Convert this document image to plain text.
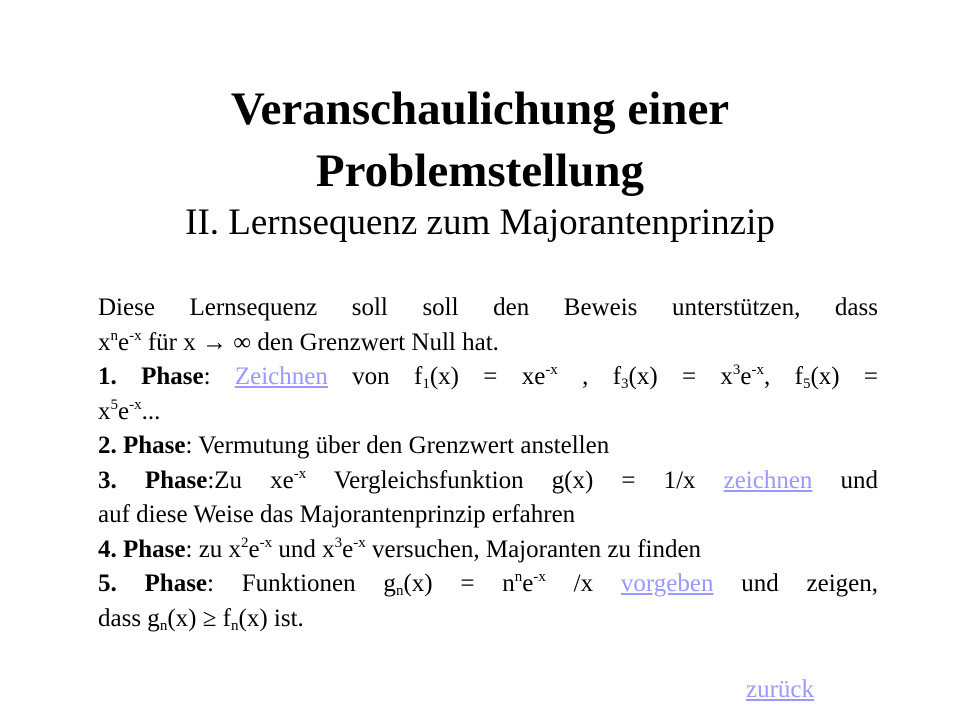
Veranschaulichung einer
Problemstellung
II. Lernsequenz zum Majorantenprinzip
Diese Lernsequenz soll soll den Beweis unterstützen, dass
$x^ne^{-x}$ für x → ∞ den Grenzwert Null hat.
1. Phase: Zeichnen von $f_1(x) = xe^{-x}$ , $f_3(x) = x^3e^{-x}$, $f_5(x)$ =
$x^5e^{-x}$...
2. Phase: Vermutung über den Grenzwert anstellen
3. Phase:Zu $xe^{-x}$ Vergleichsfunktion g(x) = 1/x zeichnen und
auf diese Weise das Majorantenprinzip erfahren
4. Phase: zu $x^2e^{-x}$ und $x^3e^{-x}$ versuchen, Majoranten zu finden
5. Phase: Funktionen $g_n(x) = n^ne^{-x}$ /x vorgeben und zeigen,
dass $g_n(x) \ge f_n(x)$ ist.
zurück
